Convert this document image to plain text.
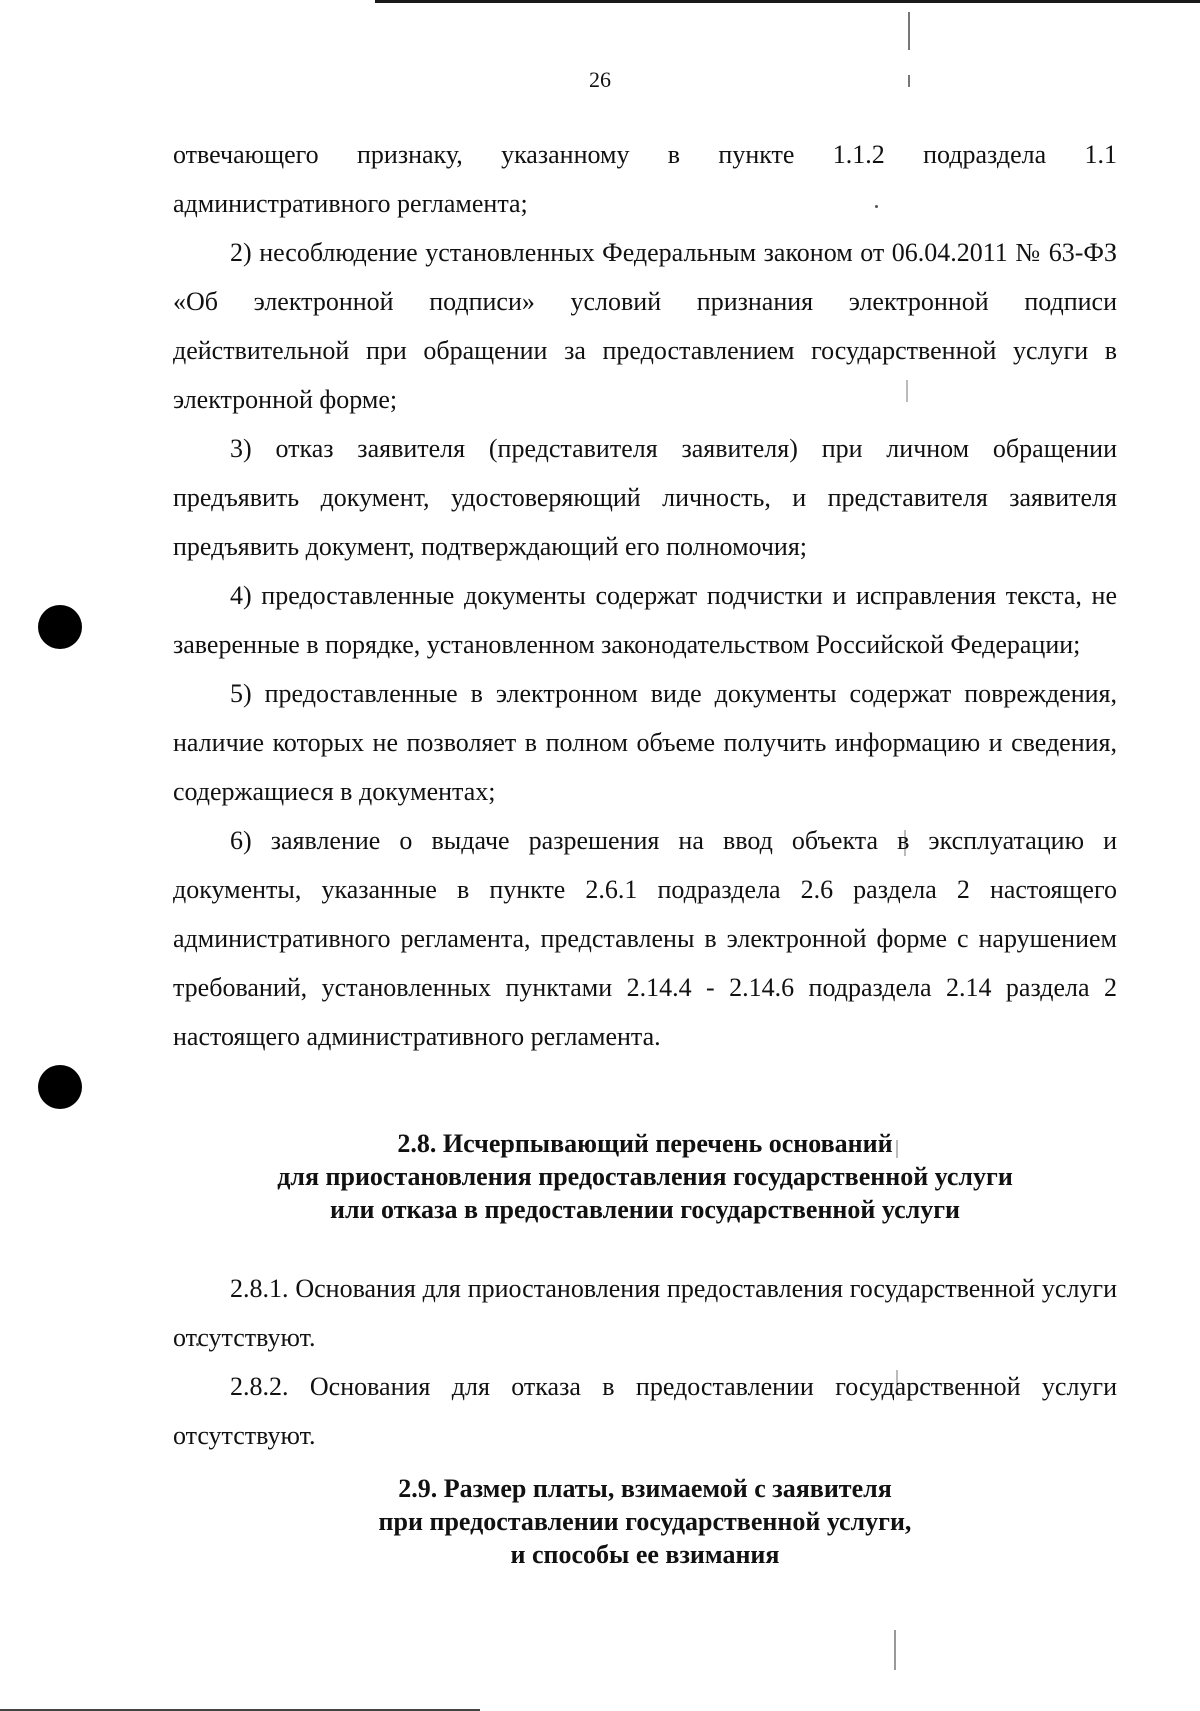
26

отвечающего признаку, указанному в пункте 1.1.2 подраздела 1.1 административного регламента;

2) несоблюдение установленных Федеральным законом от 06.04.2011 № 63-ФЗ «Об электронной подписи» условий признания электронной подписи действительной при обращении за предоставлением государственной услуги в электронной форме;

3) отказ заявителя (представителя заявителя) при личном обращении предъявить документ, удостоверяющий личность, и представителя заявителя предъявить документ, подтверждающий его полномочия;

4) предоставленные документы содержат подчистки и исправления текста, не заверенные в порядке, установленном законодательством Российской Федерации;

5) предоставленные в электронном виде документы содержат повреждения, наличие которых не позволяет в полном объеме получить информацию и сведения, содержащиеся в документах;

6) заявление о выдаче разрешения на ввод объекта в эксплуатацию и документы, указанные в пункте 2.6.1 подраздела 2.6 раздела 2 настоящего административного регламента, представлены в электронной форме с нарушением требований, установленных пунктами 2.14.4 - 2.14.6 подраздела 2.14 раздела 2 настоящего административного регламента.

2.8. Исчерпывающий перечень оснований
для приостановления предоставления государственной услуги
или отказа в предоставлении государственной услуги

2.8.1. Основания для приостановления предоставления государственной услуги отсутствуют.

2.8.2. Основания для отказа в предоставлении государственной услуги отсутствуют.

2.9. Размер платы, взимаемой с заявителя
при предоставлении государственной услуги,
и способы ее взимания
